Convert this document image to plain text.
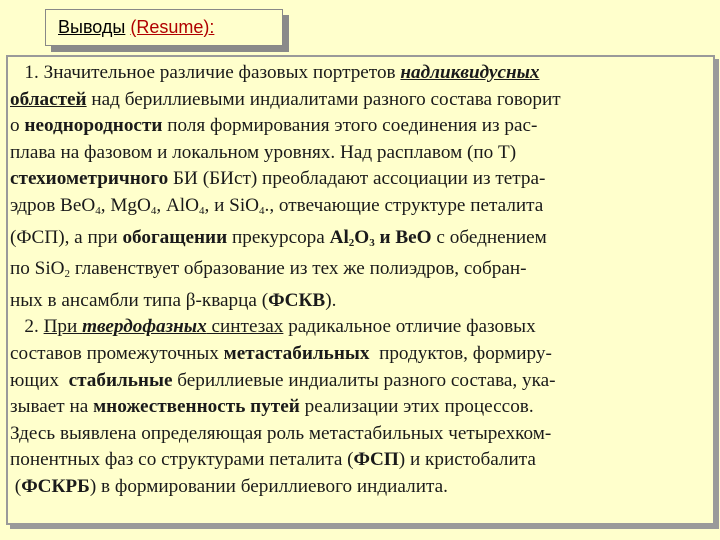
Выводы (Resume):
1. Значительное различие фазовых портретов надликвидусных
областей над бериллиевыми индиалитами разного состава говорит
о неоднородности поля формирования этого соединения из рас-
плава на фазовом и локальном уровнях. Над расплавом (по Т)
стехиометричного БИ (БИст) преобладают ассоциации из тетра-
эдров BeО$_4$, MgО$_4$, AlО$_4$, и SiО$_4$., отвечающие структуре петалита
(ФСП), а при обогащении прекурсора $Al_2O_3$ и BeO с обеднением
по SiO$_2$ главенствует образование из тех же полиэдров, собран-
ных в ансамбли типа β-кварца (ФСКВ).
2. При твердофазных синтезах радикальное отличие фазовых
составов промежуточных метастабильных  продуктов, формиру-
ющих  стабильные бериллиевые индиалиты разного состава, ука-
зывает на множественность путей реализации этих процессов.
Здесь выявлена определяющая роль метастабильных четырехком-
понентных фаз со структурами петалита (ФСП) и кристобалита
(ФСКРБ) в формировании бериллиевого индиалита.
